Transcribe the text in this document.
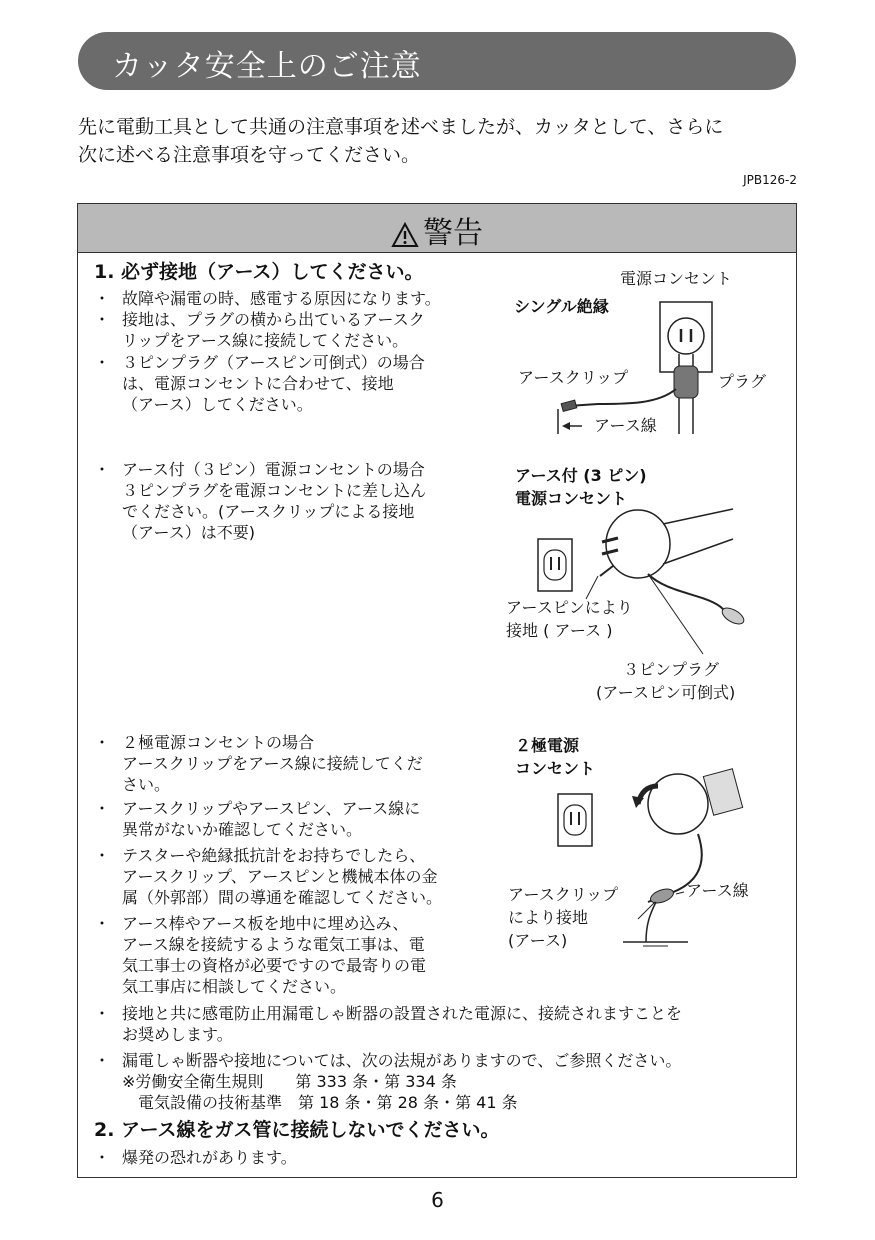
カッタ安全上のご注意
先に電動工具として共通の注意事項を述べましたが、カッタとして、さらに
次に述べる注意事項を守ってください。
JPB126-2
警告
1. 必ず接地（アース）してください。
・ 故障や漏電の時、感電する原因になります。
・ 接地は、プラグの横から出ているアースク
リップをアース線に接続してください。
・ ３ピンプラグ（アースピン可倒式）の場合
は、電源コンセントに合わせて、接地
（アース）してください。
・ アース付（３ピン）電源コンセントの場合
３ピンプラグを電源コンセントに差し込ん
でください。(アースクリップによる接地
（アース）は不要)
・ ２極電源コンセントの場合
アースクリップをアース線に接続してくだ
さい。
・ アースクリップやアースピン、アース線に
異常がないか確認してください。
・ テスターや絶縁抵抗計をお持ちでしたら、
アースクリップ、アースピンと機械本体の金
属（外郭部）間の導通を確認してください。
・ アース棒やアース板を地中に埋め込み、
アース線を接続するような電気工事は、電
気工事士の資格が必要ですので最寄りの電
気工事店に相談してください。
・ 接地と共に感電防止用漏電しゃ断器の設置された電源に、接続されますことを
お奨めします。
・ 漏電しゃ断器や接地については、次の法規がありますので、ご参照ください。
※労働安全衛生規則　　第 333 条・第 334 条
　電気設備の技術基準　第 18 条・第 28 条・第 41 条
2. アース線をガス管に接続しないでください。
・ 爆発の恐れがあります。
電源コンセント
シングル絶縁
アースクリップ	プラグ
アース線
アース付 (3 ピン)
電源コンセント
アースピンにより
接地 ( アース )
３ピンプラグ
(アースピン可倒式)
２極電源
コンセント
アースクリップ
により接地
(アース)
アース線
6
